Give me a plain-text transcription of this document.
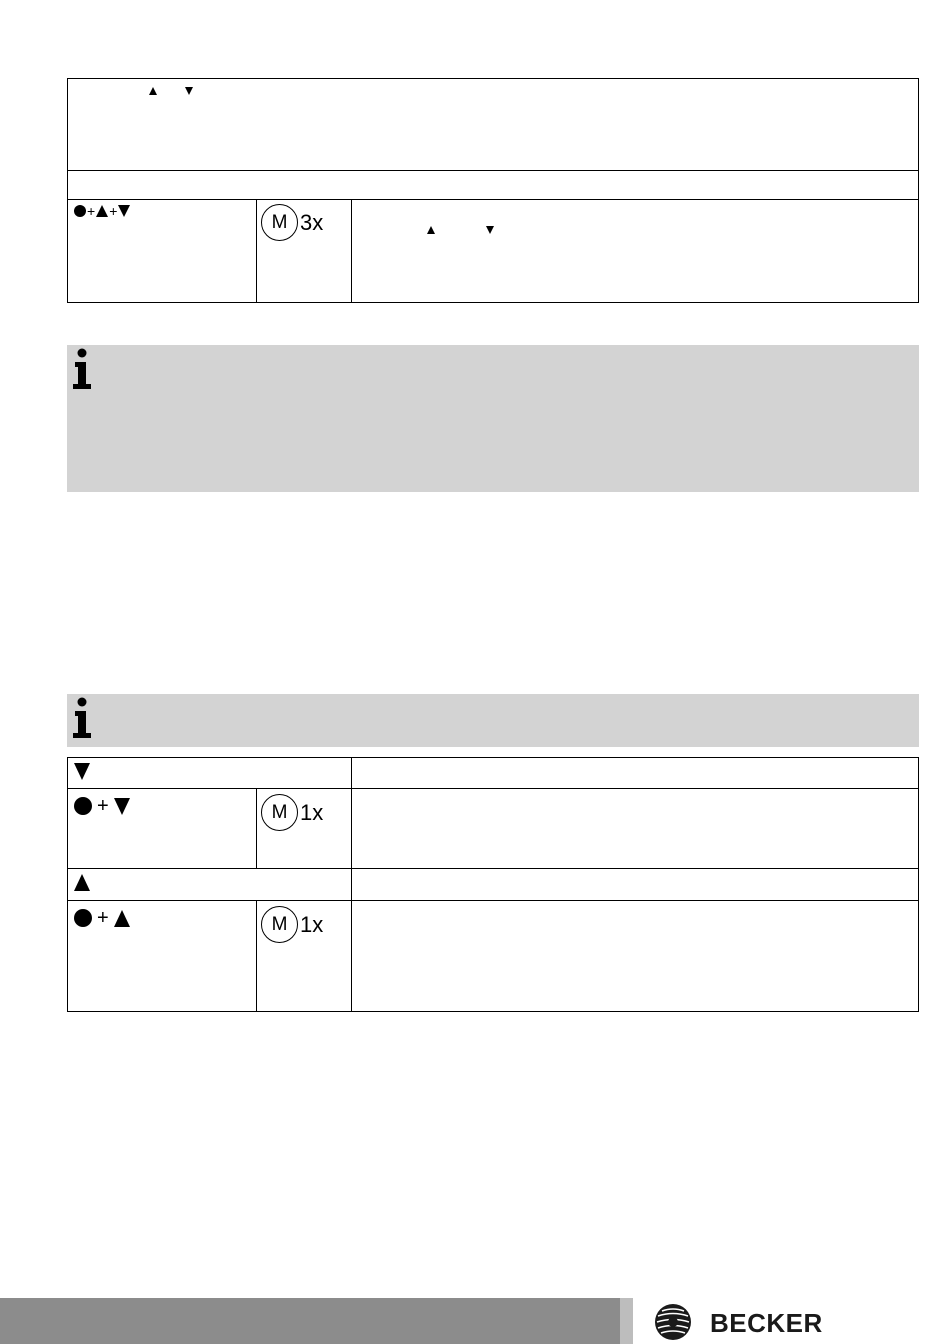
+ +
M 3x
+	M 1x
+	M 1x
BECKER
